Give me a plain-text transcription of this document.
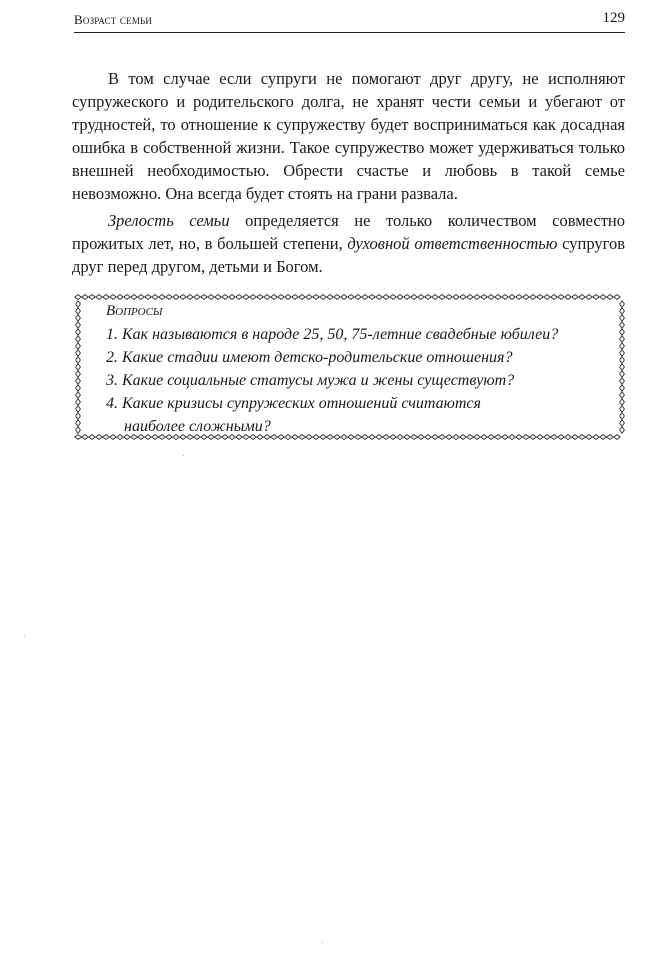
Возраст семьи	129

В том случае если супруги не помогают друг другу, не исполняют супружеского и родительского долга, не хранят чести семьи и убегают от трудностей, то отношение к супружеству будет восприниматься как досадная ошибка в собственной жизни. Такое супружество может удерживаться только внешней необходимостью. Обрести счастье и любовь в такой семье невозможно. Она всегда будет стоять на грани развала.

Зрелость семьи определяется не только количеством совместно прожитых лет, но, в большей степени, духовной ответственностью супругов друг перед другом, детьми и Богом.

Вопросы
1. Как называются в народе 25, 50, 75-летние свадебные юбилеи?
2. Какие стадии имеют детско-родительские отношения?
3. Какие социальные статусы мужа и жены существуют?
4. Какие кризисы супружеских отношений считаются
наиболее сложными?
